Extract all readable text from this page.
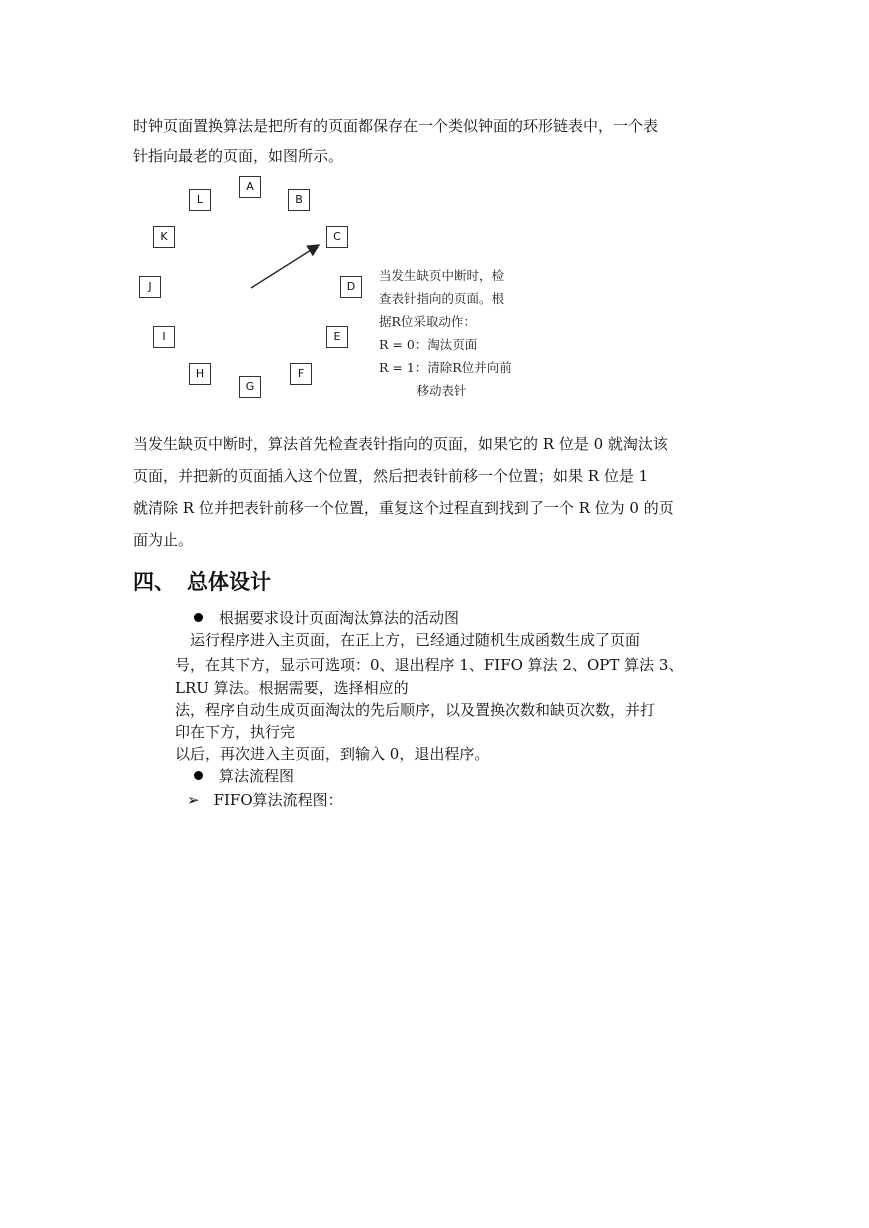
时钟页面置换算法是把所有的页面都保存在一个类似钟面的环形链表中，一个表
针指向最老的页面，如图所示。
A
B
C
D
E
F
G
H
I
J
K
L
当发生缺页中断时，检
查表针指向的页面。根
据R位采取动作：
R = 0：淘汰页面
R = 1：清除R位并向前
　　　移动表针
当发生缺页中断时，算法首先检查表针指向的页面，如果它的 R 位是 0 就淘汰该
页面，并把新的页面插入这个位置，然后把表针前移一个位置；如果 R 位是 1
就清除 R 位并把表针前移一个位置，重复这个过程直到找到了一个 R 位为 0 的页
面为止。
四、 总体设计
根据要求设计页面淘汰算法的活动图
　运行程序进入主页面，在正上方，已经通过随机生成函数生成了页面
号，在其下方，显示可选项：0、退出程序 1、FIFO 算法 2、OPT 算法 3、
LRU 算法。根据需要，选择相应的
法，程序自动生成页面淘汰的先后顺序，以及置换次数和缺页次数，并打
印在下方，执行完
以后，再次进入主页面，到输入 0，退出程序。
算法流程图
➢ FIFO算法流程图：
